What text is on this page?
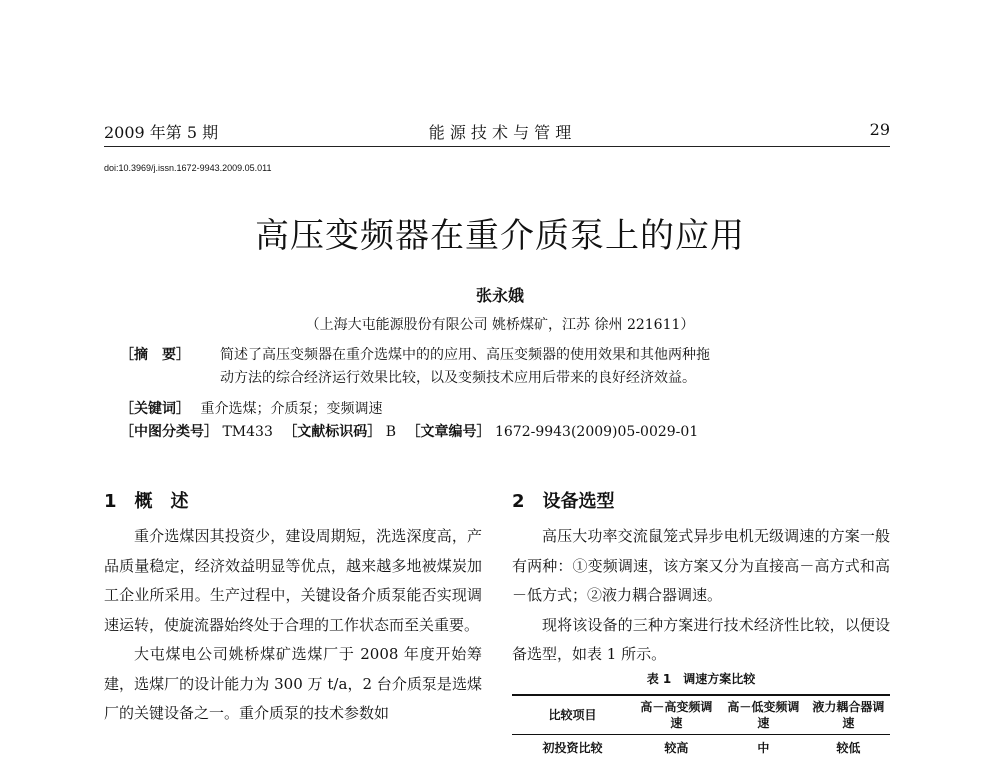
2009 年第 5 期	能 源 技 术 与 管 理	29
doi:10.3969/j.issn.1672-9943.2009.05.011
高压变频器在重介质泵上的应用
张永娥
（上海大屯能源股份有限公司 姚桥煤矿，江苏 徐州 221611）
［摘　要］	简述了高压变频器在重介选煤中的的应用、高压变频器的使用效果和其他两种拖
动方法的综合经济运行效果比较，以及变频技术应用后带来的良好经济效益。
［关键词］ 重介选煤；介质泵；变频调速
［中图分类号］ TM433 ［文献标识码］ B ［文章编号］ 1672-9943(2009)05-0029-01
1　概　述

重介选煤因其投资少，建设周期短，洗选深度高，产品质量稳定，经济效益明显等优点，越来越多地被煤炭加工企业所采用。生产过程中，关键设备介质泵能否实现调速运转，使旋流器始终处于合理的工作状态而至关重要。

大屯煤电公司姚桥煤矿选煤厂于 2008 年度开始筹建，选煤厂的设计能力为 300 万 t/a，2 台介质泵是选煤厂的关键设备之一。重介质泵的技术参数如

2　设备选型

高压大功率交流鼠笼式异步电机无级调速的方案一般有两种：①变频调速，该方案又分为直接高－高方式和高－低方式；②液力耦合器调速。

现将该设备的三种方案进行技术经济性比较，以便设备选型，如表 1 所示。

表 1　调速方案比较
比较项目	高－高变频调速	高－低变频调速	液力耦合器调速
初投资比较	较高	中	较低
